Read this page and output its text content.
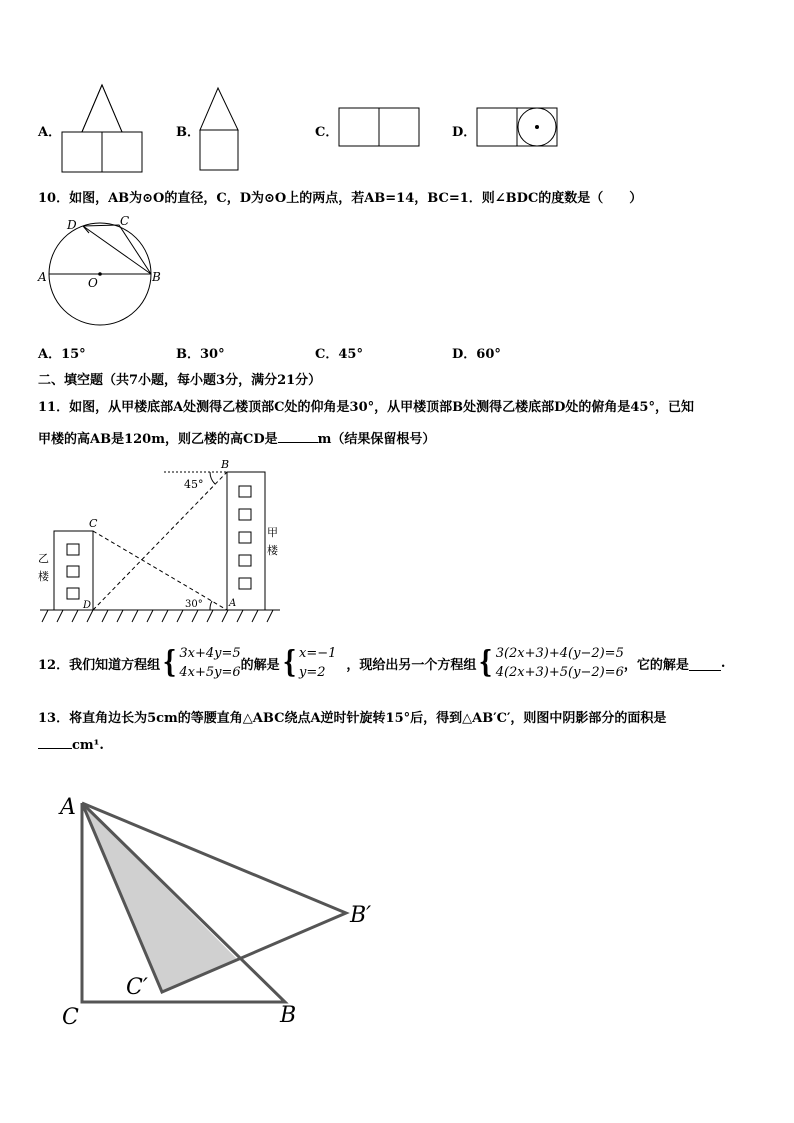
A．	B．	C．	D．
10．如图，AB为⊙O的直径，C，D为⊙O上的两点，若AB=14，BC=1．则∠BDC的度数是（　　）
A	B
C
D
O
A．15°	B．30°	C．45°	D．60°
二、填空题（共7小题，每小题3分，满分21分）
11．如图，从甲楼底部A处测得乙楼顶部C处的仰角是30°，从甲楼顶部B处测得乙楼底部D处的俯角是45°，已知
甲楼的高AB是120m，则乙楼的高CD是	m（结果保留根号）
B
C
D	A
45°
30°
甲
楼
乙
楼
12．我们知道方程组 { 3x+4y=5
4x+5y=6 的解是 { x=−1
y=2	，现给出另一个方程组 { 3(2x+3)+4(y−2)=5
4(2x+3)+5(y−2)=6 ，它的解是 .
13．将直角边长为5cm的等腰直角△ABC绕点A逆时针旋转15°后，得到△AB′C′，则图中阴影部分的面积是
cm¹.
A
C	B
B′
C′
